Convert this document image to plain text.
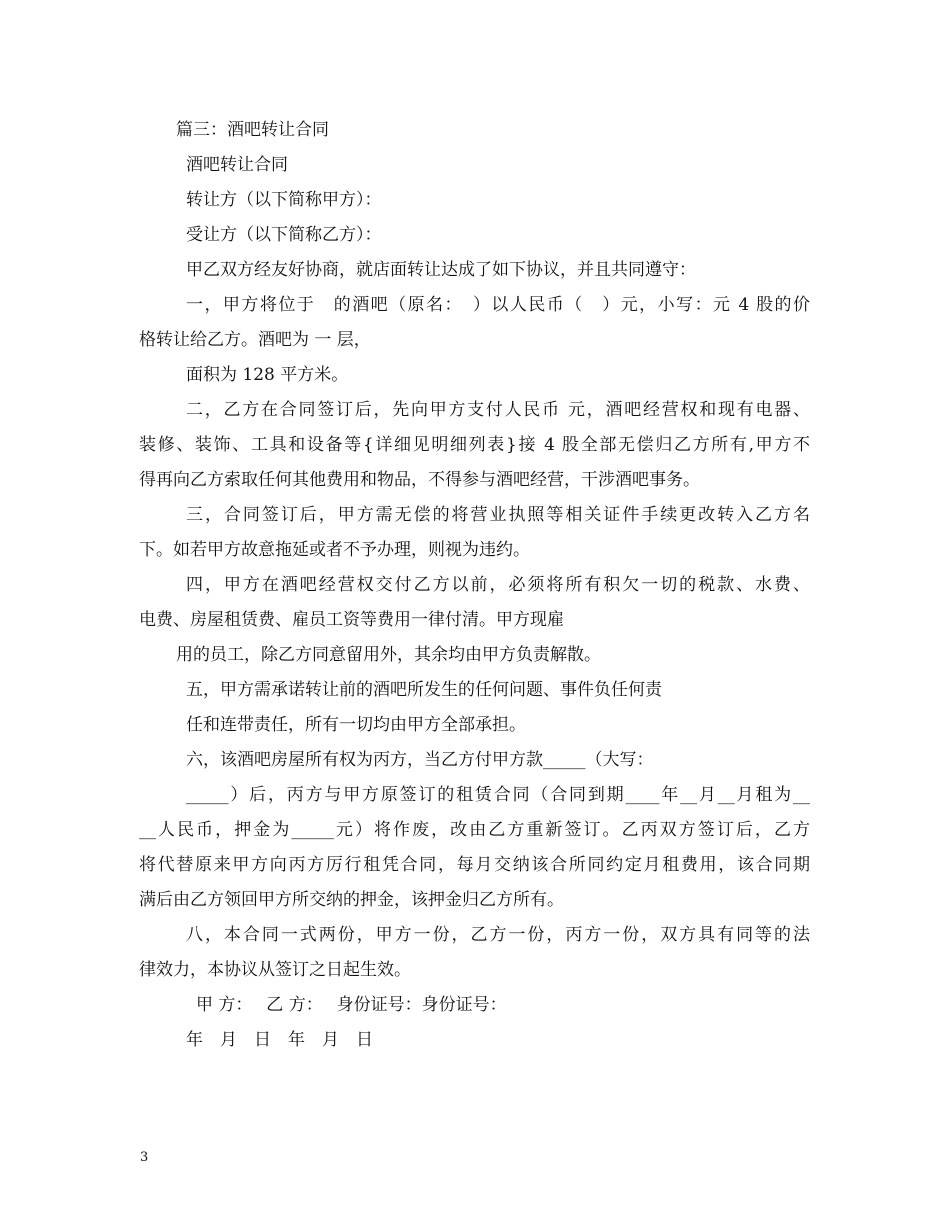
篇三：酒吧转让合同
酒吧转让合同
转让方（以下简称甲方）：
受让方（以下简称乙方）：
甲乙双方经友好协商，就店面转让达成了如下协议，并且共同遵守：
一，甲方将位于　的酒吧（原名：　）以人民币（　）元，小写：元 4 股的价
格转让给乙方。酒吧为 一 层，
面积为 128 平方米。
二，乙方在合同签订后，先向甲方支付人民币 元，酒吧经营权和现有电器、
装修、装饰、工具和设备等{详细见明细列表}接 4 股全部无偿归乙方所有,甲方不
得再向乙方索取任何其他费用和物品，不得参与酒吧经营，干涉酒吧事务。
三，合同签订后，甲方需无偿的将营业执照等相关证件手续更改转入乙方名
下。如若甲方故意拖延或者不予办理，则视为违约。
四，甲方在酒吧经营权交付乙方以前，必须将所有积欠一切的税款、水费、
电费、房屋租赁费、雇员工资等费用一律付清。甲方现雇
用的员工，除乙方同意留用外，其余均由甲方负责解散。
五，甲方需承诺转让前的酒吧所发生的任何问题、事件负任何责
任和连带责任，所有一切均由甲方全部承担。
六，该酒吧房屋所有权为丙方，当乙方付甲方款_____（大写：
_____）后，丙方与甲方原签订的租赁合同（合同到期____年__月__月租为__
__人民币，押金为_____元）将作废，改由乙方重新签订。乙丙双方签订后，乙方
将代替原来甲方向丙方厉行租凭合同，每月交纳该合所同约定月租费用，该合同期
满后由乙方领回甲方所交纳的押金，该押金归乙方所有。
八，本合同一式两份，甲方一份，乙方一份，丙方一份，双方具有同等的法
律效力，本协议从签订之日起生效。
甲 方：　 乙 方：　 身份证号：身份证号：
年　月　日　年　月　日
3
